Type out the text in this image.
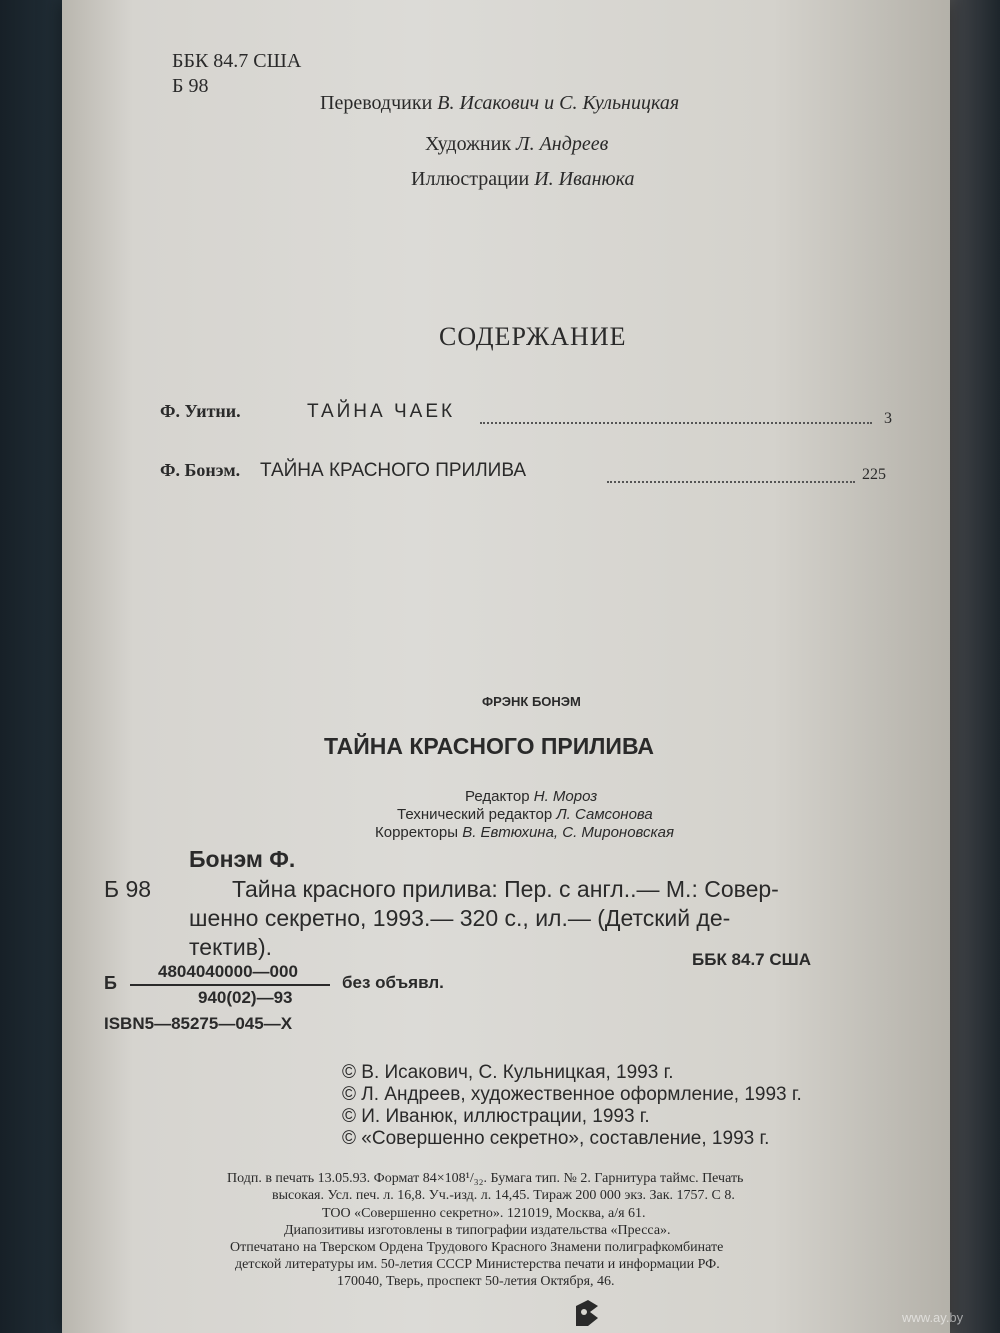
ББК 84.7 США
Б 98
Переводчики В. Исакович и С. Кульницкая
Художник Л. Андреев
Иллюстрации И. Иванюка
СОДЕРЖАНИЕ
Ф. Уитни.	ТАЙНА ЧАЕК	3
Ф. Бонэм. ТАЙНА КРАСНОГО ПРИЛИВА	225
ФРЭНК БОНЭМ
ТАЙНА КРАСНОГО ПРИЛИВА
Редактор Н. Мороз
Технический редактор Л. Самсонова
Корректоры В. Евтюхина, С. Мироновская
Бонэм Ф.
Б 98	Тайна красного прилива: Пер. с англ..— М.: Совер-
шенно секретно, 1993.— 320 с., ил.— (Детский де-
тектив).	ББК 84.7 США
Б
4804040000—000
940(02)—93
без объявл.
ISBN5—85275—045—X
© В. Исакович, С. Кульницкая, 1993 г.
© Л. Андреев, художественное оформление, 1993 г.
© И. Иванюк, иллюстрации, 1993 г.
© «Совершенно секретно», составление, 1993 г.
Подп. в печать 13.05.93. Формат 84×108¹/₃₂. Бумага тип. № 2. Гарнитура таймс. Печать
высокая. Усл. печ. л. 16,8. Уч.-изд. л. 14,45. Тираж 200 000 экз. Зак. 1757. С 8.
ТОО «Совершенно секретно». 121019, Москва, а/я 61.
Диапозитивы изготовлены в типографии издательства «Пресса».
Отпечатано на Тверском Ордена Трудового Красного Знамени полиграфкомбинате
детской литературы им. 50-летия СССР Министерства печати и информации РФ.
170040, Тверь, проспект 50-летия Октября, 46.
www.ay.by
